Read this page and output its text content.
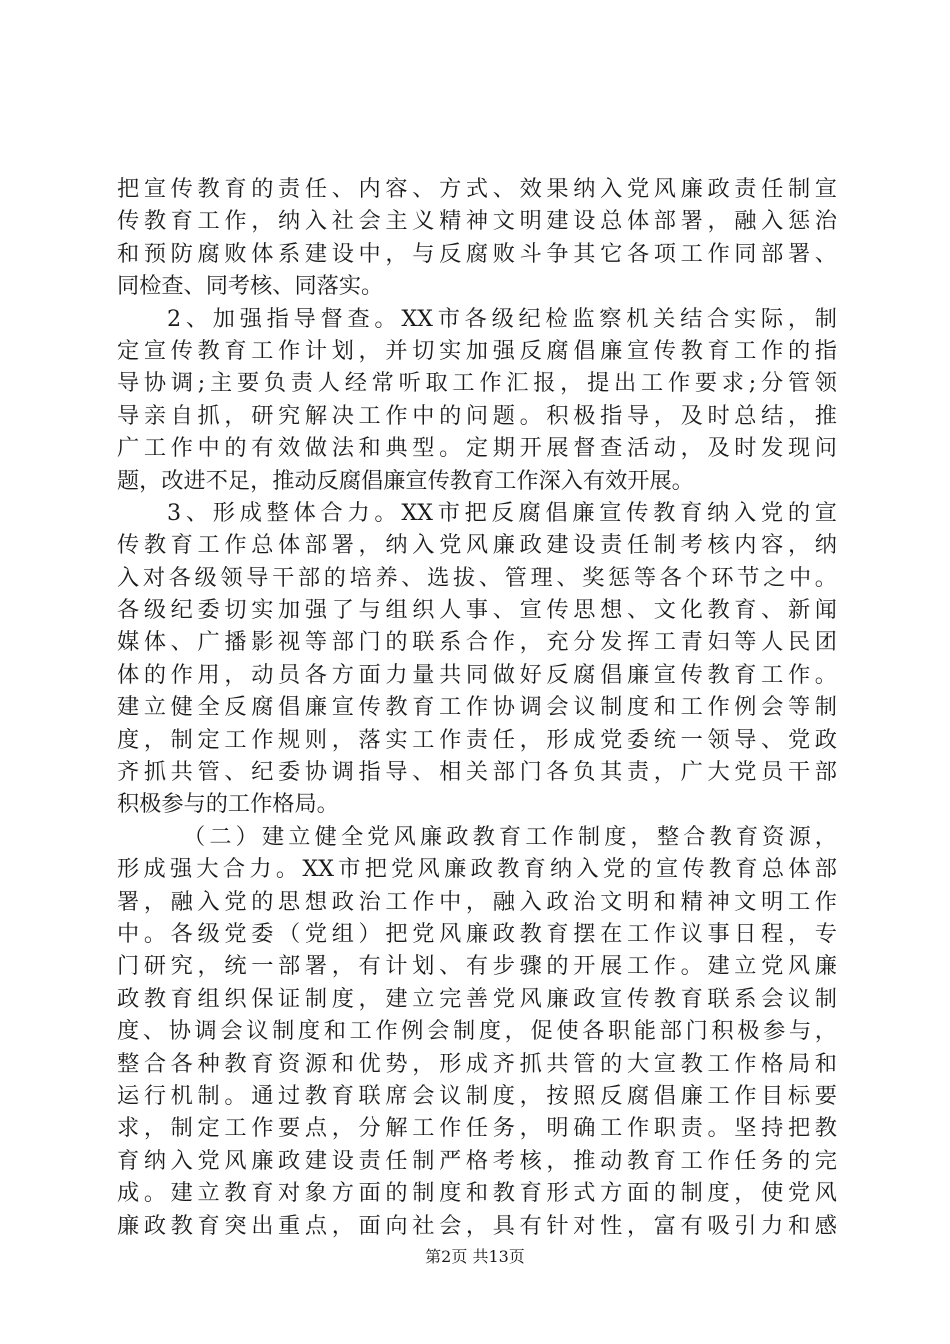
把宣传教育的责任、内容、方式、效果纳入党风廉政责任制宣
传教育工作，纳入社会主义精神文明建设总体部署，融入惩治
和预防腐败体系建设中，与反腐败斗争其它各项工作同部署、
同检查、同考核、同落实。
2、加强指导督查。XX市各级纪检监察机关结合实际，制
定宣传教育工作计划，并切实加强反腐倡廉宣传教育工作的指
导协调;主要负责人经常听取工作汇报，提出工作要求;分管领
导亲自抓，研究解决工作中的问题。积极指导，及时总结，推
广工作中的有效做法和典型。定期开展督查活动，及时发现问
题，改进不足，推动反腐倡廉宣传教育工作深入有效开展。
3、形成整体合力。XX市把反腐倡廉宣传教育纳入党的宣
传教育工作总体部署，纳入党风廉政建设责任制考核内容，纳
入对各级领导干部的培养、选拔、管理、奖惩等各个环节之中。
各级纪委切实加强了与组织人事、宣传思想、文化教育、新闻
媒体、广播影视等部门的联系合作，充分发挥工青妇等人民团
体的作用，动员各方面力量共同做好反腐倡廉宣传教育工作。
建立健全反腐倡廉宣传教育工作协调会议制度和工作例会等制
度，制定工作规则，落实工作责任，形成党委统一领导、党政
齐抓共管、纪委协调指导、相关部门各负其责，广大党员干部
积极参与的工作格局。
（二）建立健全党风廉政教育工作制度，整合教育资源，
形成强大合力。XX市把党风廉政教育纳入党的宣传教育总体部
署，融入党的思想政治工作中，融入政治文明和精神文明工作
中。各级党委（党组）把党风廉政教育摆在工作议事日程，专
门研究，统一部署，有计划、有步骤的开展工作。建立党风廉
政教育组织保证制度，建立完善党风廉政宣传教育联系会议制
度、协调会议制度和工作例会制度，促使各职能部门积极参与，
整合各种教育资源和优势，形成齐抓共管的大宣教工作格局和
运行机制。通过教育联席会议制度，按照反腐倡廉工作目标要
求，制定工作要点，分解工作任务，明确工作职责。坚持把教
育纳入党风廉政建设责任制严格考核，推动教育工作任务的完
成。建立教育对象方面的制度和教育形式方面的制度，使党风
廉政教育突出重点，面向社会，具有针对性，富有吸引力和感
第2页 共13页
